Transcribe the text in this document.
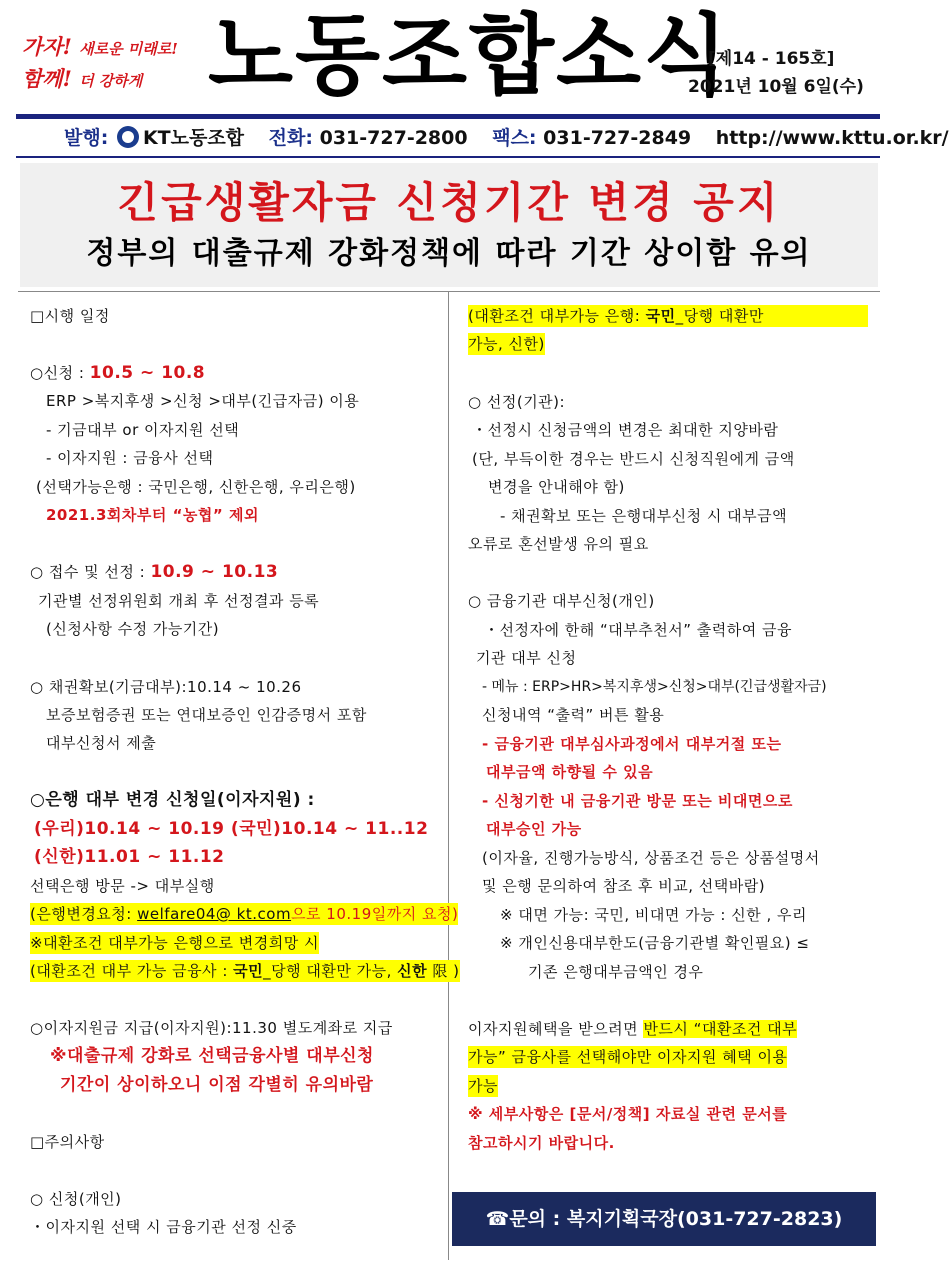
가자! 새로운 미래로!
함께! 더 강하게 노동조합소식
[제14 - 165호]
2021년 10월 6일(수)
발행: KT노동조합 전화: 031-727-2800 팩스: 031-727-2849 http://www.kttu.or.kr/
긴급생활자금 신청기간 변경 공지
정부의 대출규제 강화정책에 따라 기간 상이함 유의
□시행 일정
○신청 : 10.5 ~ 10.8
ERP >복지후생 >신청 >대부(긴급자금) 이용
- 기금대부 or 이자지원 선택
- 이자지원 : 금융사 선택
(선택가능은행 : 국민은행, 신한은행, 우리은행)
2021.3회차부터 “농협” 제외
○ 접수 및 선정 : 10.9 ~ 10.13
기관별 선정위원회 개최 후 선정결과 등록
(신청사항 수정 가능기간)
○ 채권확보(기금대부):10.14 ~ 10.26
보증보험증권 또는 연대보증인 인감증명서 포함
대부신청서 제출
○은행 대부 변경 신청일(이자지원) :
(우리)10.14 ~ 10.19 (국민)10.14 ~ 11..12
(신한)11.01 ~ 11.12
선택은행 방문 -> 대부실행
(은행변경요청: welfare04@ kt.com으로 10.19일까지 요청)
※대환조건 대부가능 은행으로 변경희망 시
(대환조건 대부 가능 금융사 : 국민_당행 대환만 가능, 신한 限 )
○이자지원금 지급(이자지원):11.30 별도계좌로 지급
※대출규제 강화로 선택금융사별 대부신청
기간이 상이하오니 이점 각별히 유의바람
□주의사항
○ 신청(개인)
・이자지원 선택 시 금융기관 선정 신중
(대환조건 대부가능 은행: 국민_당행 대환만
가능, 신한)
○ 선정(기관):
・선정시 신청금액의 변경은 최대한 지양바람
(단, 부득이한 경우는 반드시 신청직원에게 금액
변경을 안내해야 함)
- 채권확보 또는 은행대부신청 시 대부금액
오류로 혼선발생 유의 필요
○ 금융기관 대부신청(개인)
・선정자에 한해 “대부추천서” 출력하여 금융
기관 대부 신청
- 메뉴 : ERP>HR>복지후생>신청>대부(긴급생활자금)
신청내역 “출력” 버튼 활용
- 금융기관 대부심사과정에서 대부거절 또는
대부금액 하향될 수 있음
- 신청기한 내 금융기관 방문 또는 비대면으로
대부승인 가능
(이자율, 진행가능방식, 상품조건 등은 상품설명서
및 은행 문의하여 참조 후 비교, 선택바람)
※ 대면 가능: 국민, 비대면 가능 : 신한 , 우리
※ 개인신용대부한도(금융기관별 확인필요) ≤
기존 은행대부금액인 경우
이자지원혜택을 받으려면 반드시 “대환조건 대부
가능” 금융사를 선택해야만 이자지원 혜택 이용
가능
※ 세부사항은 [문서/정책] 자료실 관련 문서를
참고하시기 바랍니다.
☎문의 : 복지기획국장(031-727-2823)
